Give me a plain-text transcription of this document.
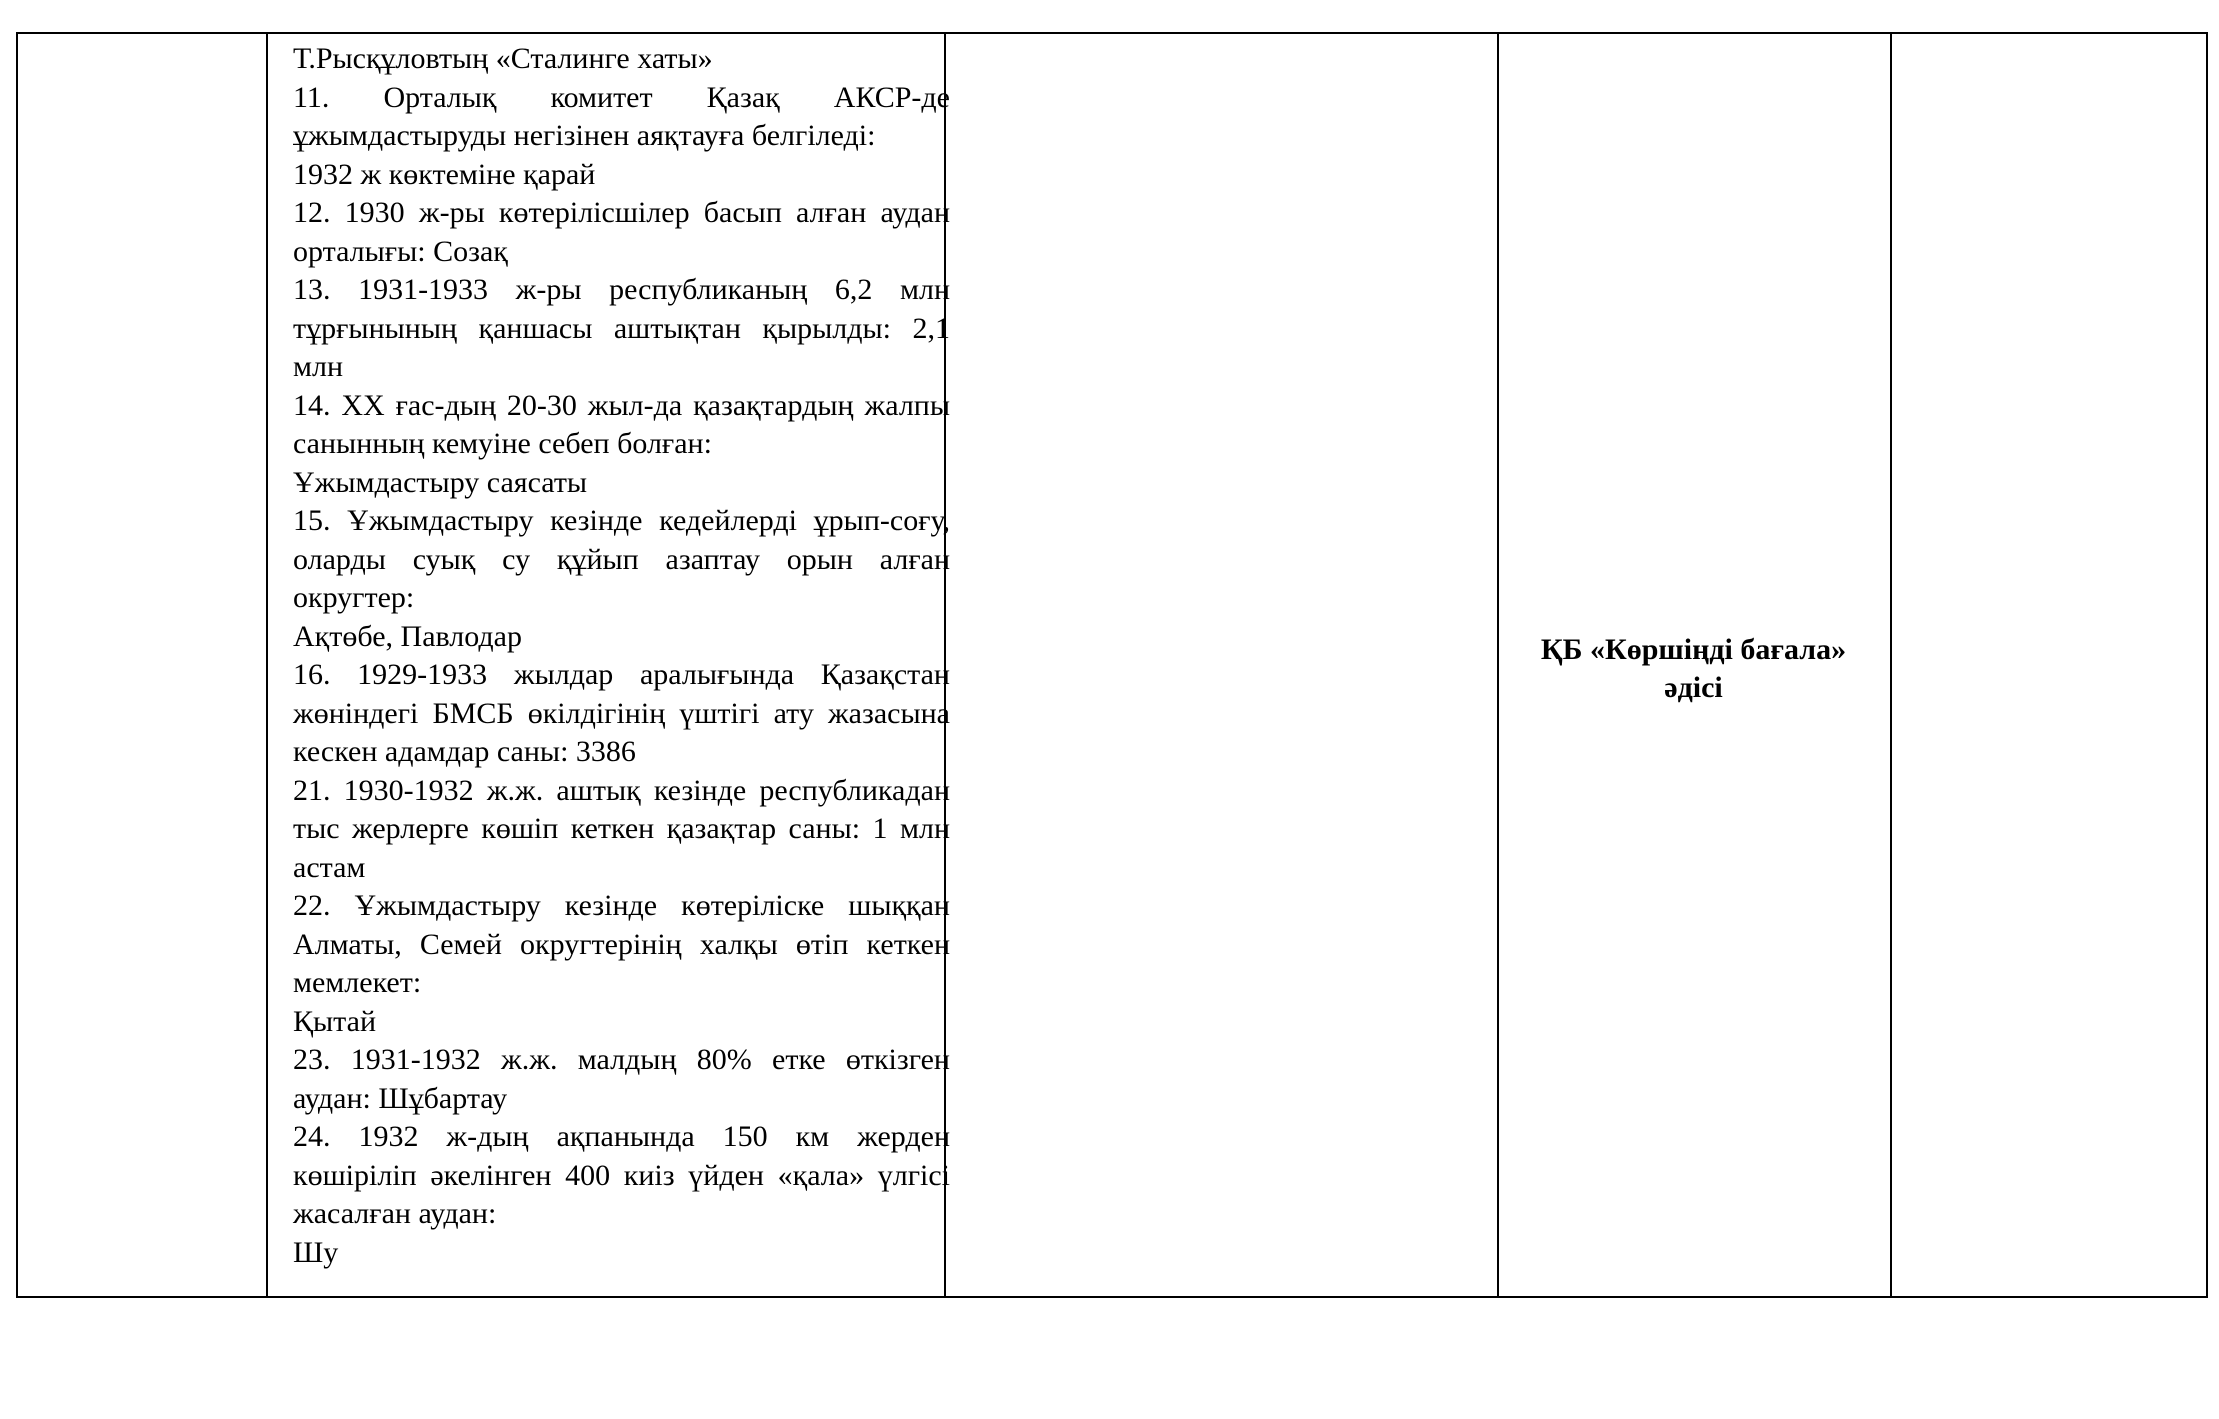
Т.Рысқұловтың «Сталинге хаты»

11. Орталық комитет Қазақ АКСР-де ұжымдастыруды негізінен аяқтауға белгіледі:

1932 ж көктеміне қарай

12. 1930 ж-ры көтерілісшілер басып алған аудан орталығы: Созақ

13. 1931-1933 ж-ры республиканың 6,2 млн тұрғынының қаншасы аштықтан қырылды: 2,1 млн

14. XX ғас-дың 20-30 жыл-да қазақтардың жалпы санынның кемуіне себеп болған:

Ұжымдастыру саясаты

15. Ұжымдастыру кезінде кедейлерді ұрып-соғу, оларды суық су құйып азаптау орын алған округтер:

Ақтөбе, Павлодар

16. 1929-1933 жылдар аралығында Қазақстан жөніндегі БМСБ өкілдігінің үштігі ату жазасына кескен адамдар саны: 3386

21. 1930-1932 ж.ж. аштық кезінде республикадан тыс жерлерге көшіп кеткен қазақтар саны: 1 млн астам

22. Ұжымдастыру кезінде көтеріліске шыққан Алматы, Семей округтерінің халқы өтіп кеткен мемлекет:

Қытай

23. 1931-1932 ж.ж. малдың 80% етке өткізген аудан: Шұбартау

24. 1932 ж-дың ақпанында 150 км жерден көшіріліп әкелінген 400 киіз үйден «қала» үлгісі жасалған аудан:

Шу

ҚБ «Көршіңді бағала»
әдісі
